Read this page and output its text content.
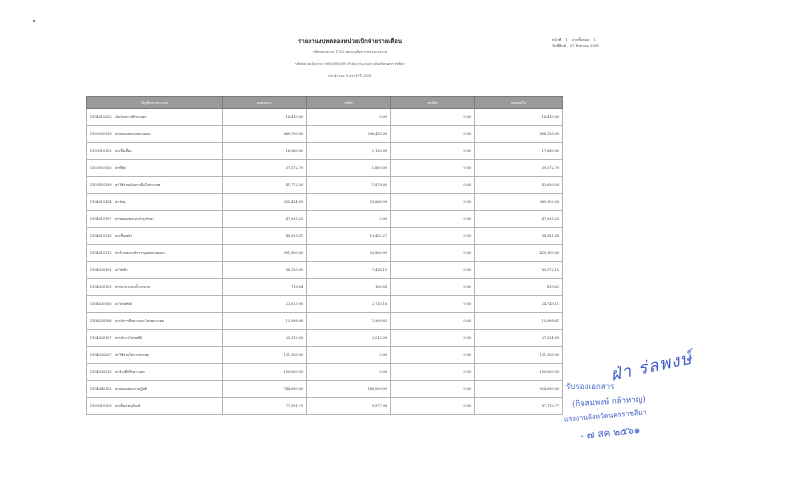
รายงานงบทดลองหน่วยเบิกจ่ายรายเดือน
รหัสหน่วยงาน 1702 ศมน.ปุลัดกระทรวงแรงงาน
รหัสหน่วยเบิกจ่าย 0000000000 สำนักงานแรงงานจังหวัดนครราชสีมา
ประจำงวด 9 ประจำปี 2561
หน้าที่ 1 จากทั้งหมด 1
วันที่พิมพ์ 07 สิงหาคม 2561
บัญชีแยกประเภท	ยอดยกมา	เดบิต	เครดิต	ยอดยกไป
5104010202 เงินช่วยการศึกษาบุตร	18,410.00	0.00	0.00	18,410.00
5102030199 ค่าตอบแทนจ่ายตามดอง	689,700.00	206,435.00	0.00	896,135.00
5103010102 ค่าเบี้ยเลี้ยง	16,560.00	1,120.00	0.00	17,680.00
5103010103 ค่าที่พัก	37,572.79	1,800.00	0.00	39,372.79
5103010199 ค่าใช้จ่ายเดินทางอื่นในประเทศ	41,772.50	1,879.00	0.00	43,650.50
5104010104 ค่าวัสดุ	355,434.00	33,668.00	0.00	389,102.00
5104010107 ค่าซ่อมแซมและบำรุงรักษา	47,933.25	0.00	0.00	47,933.25
5104010110 ค่าเชื้อเพลิง	40,929.31	13,452.27	0.00	54,381.58
5104010112 ค่าจ้างเหมาบริการ-บุคคลภายนอก	391,300.00	33,800.00	0.00	425,100.00
5104020101 ค่าไฟฟ้า	58,135.95	7,436.15	0.00	65,572.10
5104020103 ค่าประปาและน้ำบาดาล	719.04	100.58	0.00	819.62
5104020105 ค่าโทรศัพท์	22,013.95	2,735.16	0.00	24,749.11
5104020106 ค่าบริการสื่อสารและโทรคมนาคม	13,998.98	1,999.83	0.00	15,998.81
5104020107 ค่าบริการไปรษณีย์	25,312.00	2,012.00	0.00	27,324.00
5104030207 ค่าใช้จ่ายในการประชุม	131,195.00	0.00	0.00	131,195.00
5104030210 ค่าจ้างที่ปรึกษา-บอก	100,000.00	0.00	0.00	100,000.00
5104040102 ค่าตอบแทนการปฏิบัติ	744,000.00	180,000.00	0.00	924,000.00
5105010109 ค่าเสื่อม-ครุภัณฑ์	77,591.79	9,577.98	0.00	87,170.77
ฝ่า ร่ลพงษ์
รับรองเอกสาร
(กิจสมพงษ์ กล้าหาญ)
แรงงานจังหวัดนครราชสีมา
- ๗ สค ๒๕๖๑
